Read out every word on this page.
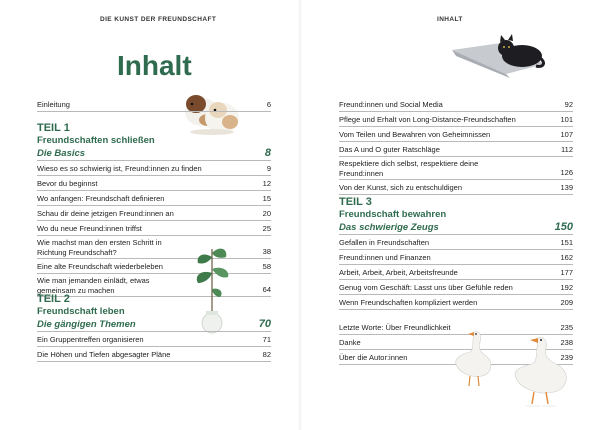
DIE KUNST DER FREUNDSCHAFT
Inhalt
Einleitung	6
TEIL 1
Freundschaften schließen
Die Basics	8
Wieso es so schwierig ist, Freund:innen zu finden	9
Bevor du beginnst	12
Wo anfangen: Freundschaft definieren	15
Schau dir deine jetzigen Freund:innen an	20
Wo du neue Freund:innen triffst	25
Wie machst man den ersten Schritt in Richtung Freundschaft?	38
Eine alte Freundschaft wiederbeleben	58
Wie man jemanden einlädt, etwas gemeinsam zu machen	64
TEIL 2
Freundschaft leben
Die gängigen Themen	70
Ein Gruppentreffen organisieren	71
Die Höhen und Tiefen abgesagter Pläne	82
INHALT
Freund:innen und Social Media	92
Pflege und Erhalt von Long-Distance-Freundschaften	101
Vom Teilen und Bewahren von Geheimnissen	107
Das A und O guter Ratschläge	112
Respektiere dich selbst, respektiere deine Freund:innen	126
Von der Kunst, sich zu entschuldigen	139
TEIL 3
Freundschaft bewahren
Das schwierige Zeugs	150
Gefallen in Freundschaften	151
Freund:innen und Finanzen	162
Arbeit, Arbeit, Arbeit, Arbeitsfreunde	177
Genug vom Geschäft: Lasst uns über Gefühle reden	192
Wenn Freundschaften kompliziert werden	209
Letzte Worte: Über Freundlichkeit	235
Danke	238
Über die Autor:innen	239
